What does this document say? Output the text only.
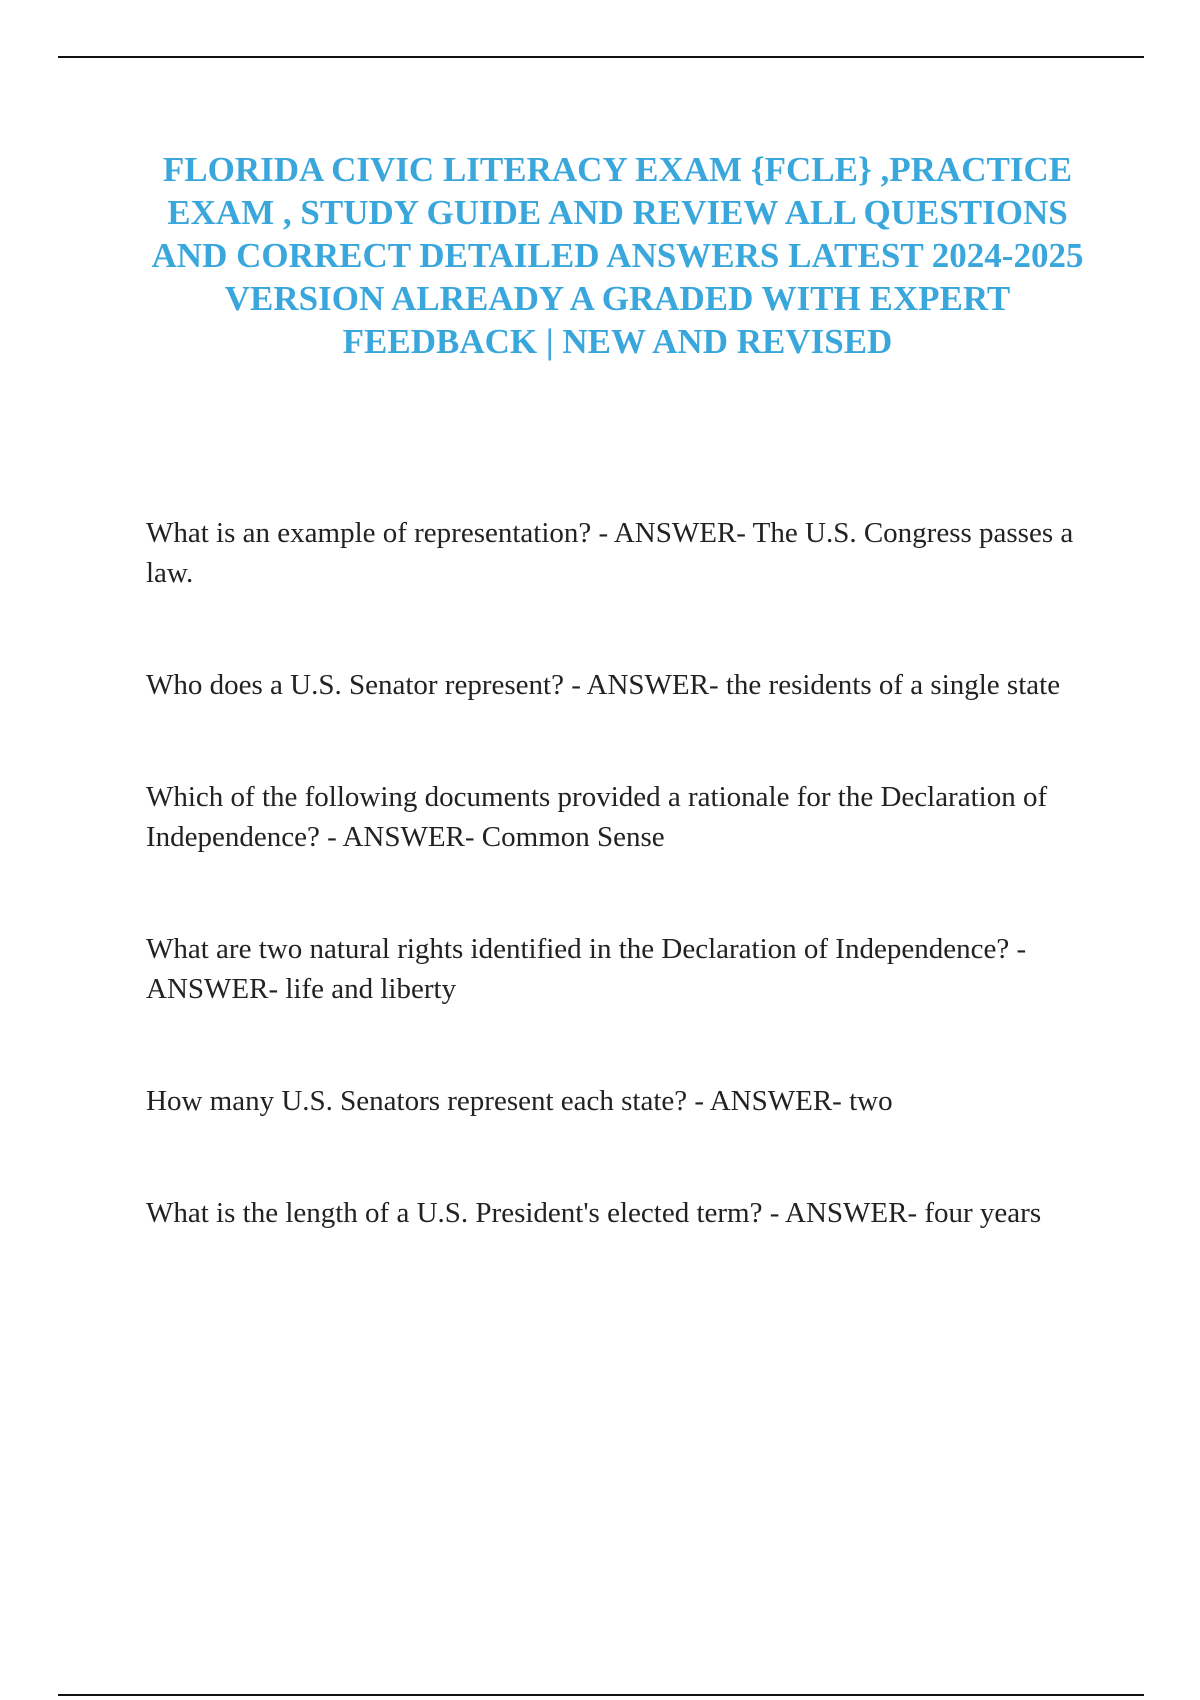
FLORIDA CIVIC LITERACY EXAM {FCLE} ,PRACTICE EXAM , STUDY GUIDE AND REVIEW ALL QUESTIONS AND CORRECT DETAILED ANSWERS LATEST 2024-2025 VERSION ALREADY A GRADED WITH EXPERT FEEDBACK | NEW AND REVISED

What is an example of representation? - ANSWER- The U.S. Congress passes a law.

Who does a U.S. Senator represent? - ANSWER- the residents of a single state

Which of the following documents provided a rationale for the Declaration of Independence? - ANSWER- Common Sense

What are two natural rights identified in the Declaration of Independence? - ANSWER- life and liberty

How many U.S. Senators represent each state? - ANSWER- two

What is the length of a U.S. President's elected term? - ANSWER- four years
